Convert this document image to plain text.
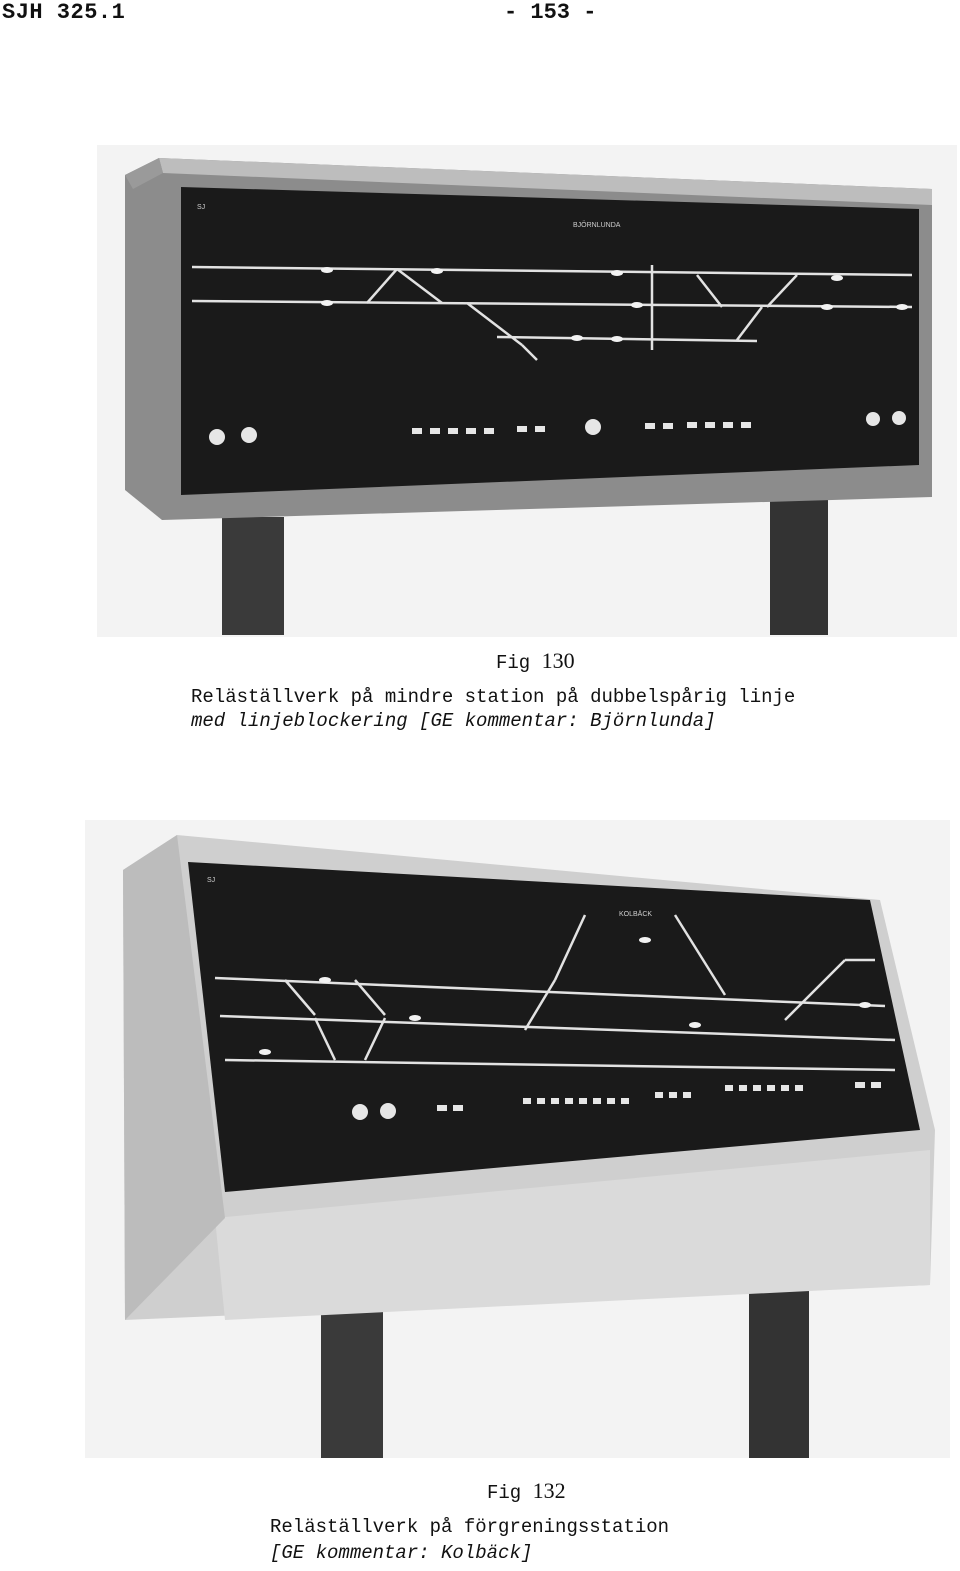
SJH 325.1	- 153 -
SJ
BJÖRNLUNDA
Fig 130
Reläställverk på mindre station på dubbelspårig linje
med linjeblockering [GE kommentar: Björnlunda]
SJ
KOLBÄCK
Fig 132
Reläställverk på förgreningsstation
[GE kommentar: Kolbäck]
